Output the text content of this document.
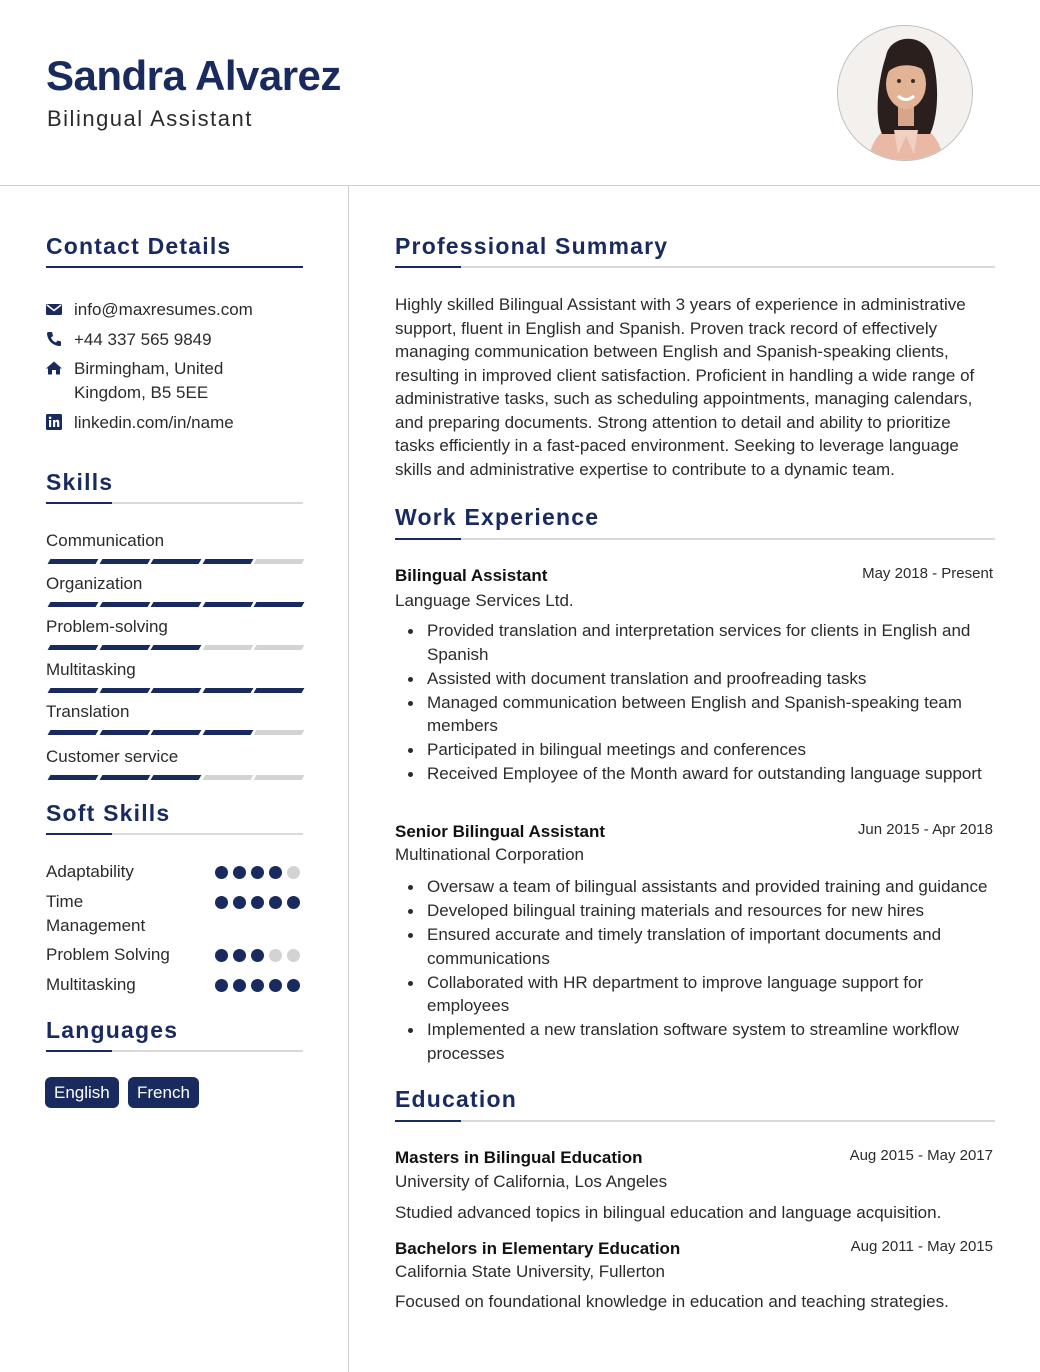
Sandra Alvarez
Bilingual Assistant
Contact Details
info@maxresumes.com
+44 337 565 9849
Birmingham, United Kingdom, B5 5EE
linkedin.com/in/name
Skills
Communication
Organization
Problem-solving
Multitasking
Translation
Customer service
Soft Skills
Adaptability
Time Management
Problem Solving
Multitasking
Languages
English	French
Professional Summary
Highly skilled Bilingual Assistant with 3 years of experience in administrative support, fluent in English and Spanish. Proven track record of effectively managing communication between English and Spanish-speaking clients, resulting in improved client satisfaction. Proficient in handling a wide range of administrative tasks, such as scheduling appointments, managing calendars, and preparing documents. Strong attention to detail and ability to prioritize tasks efficiently in a fast-paced environment. Seeking to leverage language skills and administrative expertise to contribute to a dynamic team.
Work Experience
Bilingual Assistant	May 2018 - Present
Language Services Ltd.
Provided translation and interpretation services for clients in English and Spanish
Assisted with document translation and proofreading tasks
Managed communication between English and Spanish-speaking team members
Participated in bilingual meetings and conferences
Received Employee of the Month award for outstanding language support
Senior Bilingual Assistant	Jun 2015 - Apr 2018
Multinational Corporation
Oversaw a team of bilingual assistants and provided training and guidance
Developed bilingual training materials and resources for new hires
Ensured accurate and timely translation of important documents and communications
Collaborated with HR department to improve language support for employees
Implemented a new translation software system to streamline workflow processes
Education
Masters in Bilingual Education	Aug 2015 - May 2017
University of California, Los Angeles
Studied advanced topics in bilingual education and language acquisition.
Bachelors in Elementary Education	Aug 2011 - May 2015
California State University, Fullerton
Focused on foundational knowledge in education and teaching strategies.
